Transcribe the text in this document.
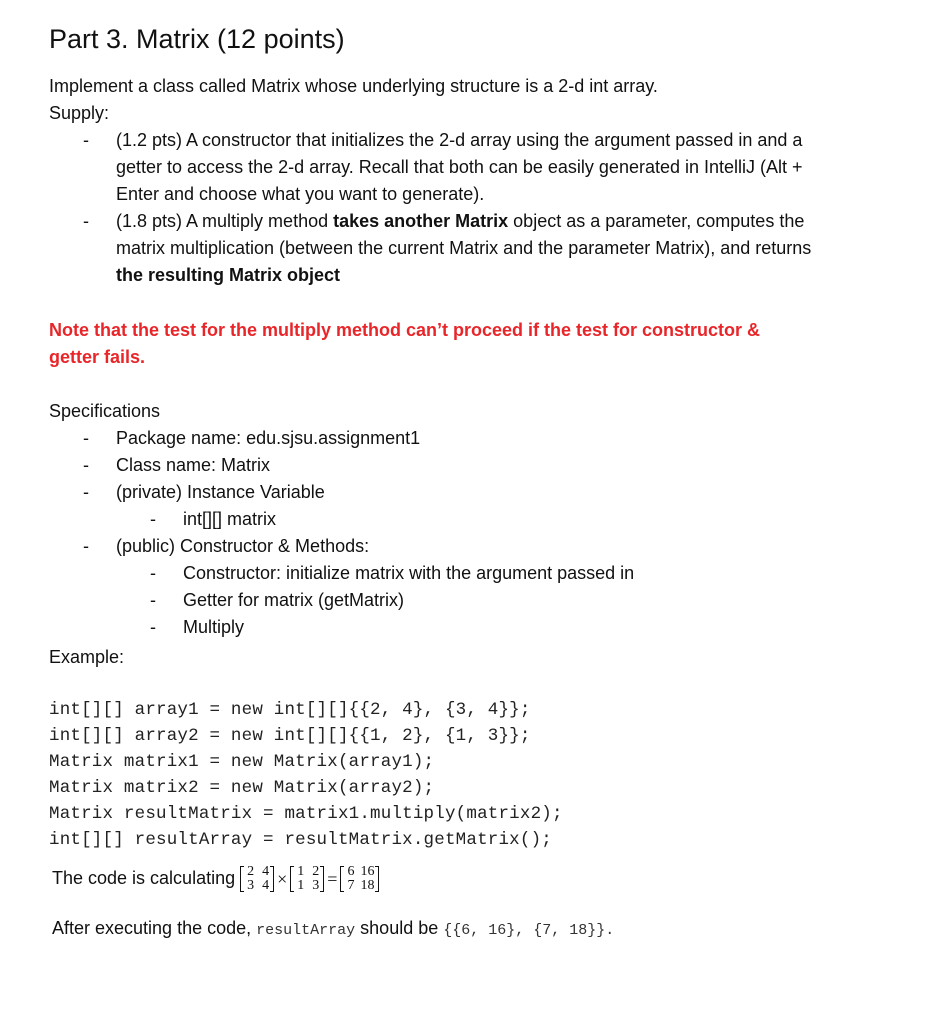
Part 3. Matrix (12 points)
Implement a class called Matrix whose underlying structure is a 2-d int array.
Supply:
- (1.2 pts) A constructor that initializes the 2-d array using the argument passed in and a
getter to access the 2-d array. Recall that both can be easily generated in IntelliJ (Alt +
Enter and choose what you want to generate).
- (1.8 pts) A multiply method takes another Matrix object as a parameter, computes the
matrix multiplication (between the current Matrix and the parameter Matrix), and returns
the resulting Matrix object
Note that the test for the multiply method can’t proceed if the test for constructor &
getter fails.
Specifications
- Package name: edu.sjsu.assignment1
- Class name: Matrix
- (private) Instance Variable
- int[][] matrix
- (public) Constructor & Methods:
- Constructor: initialize matrix with the argument passed in
- Getter for matrix (getMatrix)
- Multiply
Example:
int[][] array1 = new int[][]{{2, 4}, {3, 4}};
int[][] array2 = new int[][]{{1, 2}, {1, 3}};
Matrix matrix1 = new Matrix(array1);
Matrix matrix2 = new Matrix(array2);
Matrix resultMatrix = matrix1.multiply(matrix2);
int[][] resultArray = resultMatrix.getMatrix();
The code is calculating 2 4
3 4 × 1 2
1 3 = 6 16
7 18
After executing the code, resultArray should be {{6, 16}, {7, 18}}.
